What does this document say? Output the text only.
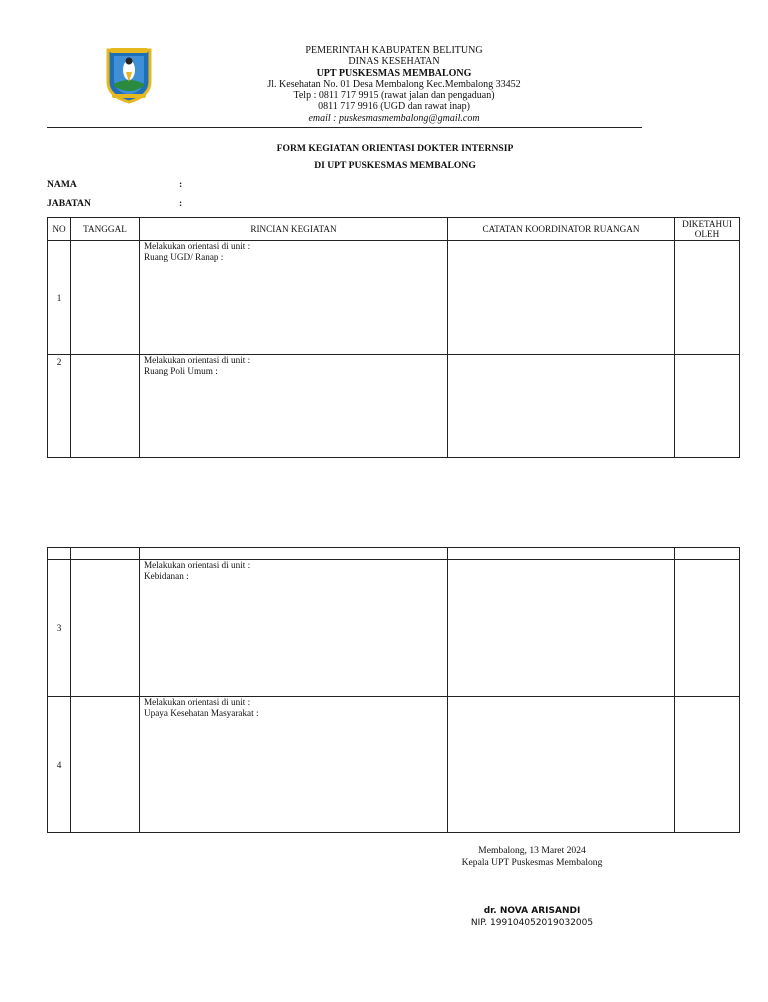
PEMERINTAH KABUPATEN BELITUNG
DINAS KESEHATAN
UPT PUSKESMAS MEMBALONG
Jl. Kesehatan No. 01 Desa Membalong Kec.Membalong 33452
Telp : 0811 717 9915 (rawat jalan dan pengaduan)
0811 717 9916 (UGD dan rawat inap)
email : puskesmasmembalong@gmail.com
FORM KEGIATAN ORIENTASI DOKTER INTERNSIP
DI UPT PUSKESMAS MEMBALONG
NAMA	:
JABATAN	:
NO	TANGGAL	RINCIAN KEGIATAN	CATATAN KOORDINATOR RUANGAN	DIKETAHUI OLEH
1		Melakukan orientasi di unit :
Ruang UGD/ Ranap :		

2		Melakukan orientasi di unit :
Ruang Poli Umum :		

3		Melakukan orientasi di unit :
Kebidanan :		

4		Melakukan orientasi di unit :
Upaya Kesehatan Masyarakat :		

Membalong, 13 Maret 2024
Kepala UPT Puskesmas Membalong
dr. NOVA ARISANDI
NIP. 199104052019032005
